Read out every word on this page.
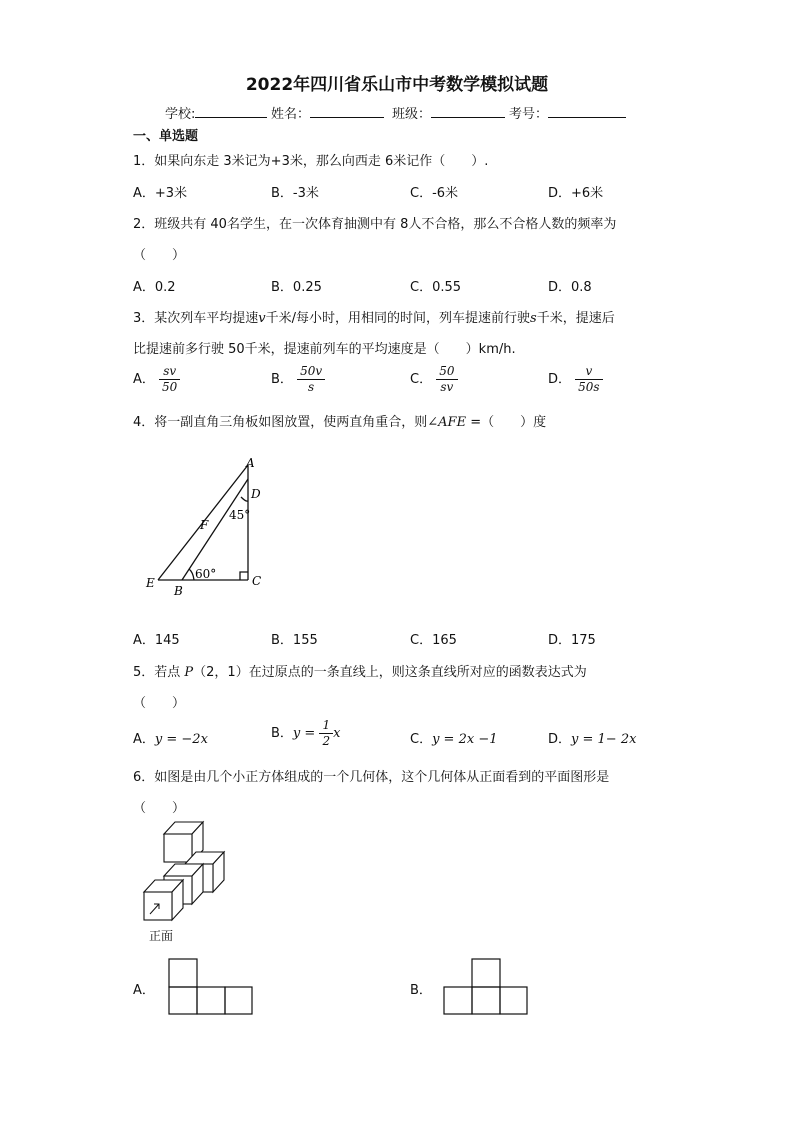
2022年四川省乐山市中考数学模拟试题
学校:	姓名：	班级：	考号：
一、单选题
1．如果向东走 3米记为+3米，那么向西走 6米记作（　　）.
A．+3米	B．-3米	C．-6米	D．+6米
2．班级共有 40名学生，在一次体育抽测中有 8人不合格，那么不合格人数的频率为
（　　）
A．0.2	B．0.25	C．0.55	D．0.8
3．某次列车平均提速v千米/每小时，用相同的时间，列车提速前行驶s千米，提速后
比提速前多行驶 50千米，提速前列车的平均速度是（　　）km/h.
A． $\frac{sv}{50}$	B． $\frac{50v}{s}$	C． $\frac{50}{sv}$	D． $\frac{v}{50s}$
4．将一副直角三角板如图放置，使两直角重合，则∠AFE =（　　）度
A
D
F
E
B
C
45°
60°
A．145	B．155	C．165	D．175
5．若点 P（2，1）在过原点的一条直线上，则这条直线所对应的函数表达式为
（　　）
A．y = −2x	B．$y = \frac{1}{2}$ x	C．y = 2x −1	D．y = 1− 2x
6．如图是由几个小正方体组成的一个几何体，这个几何体从正面看到的平面图形是
（　　）
正面
A．	B．
